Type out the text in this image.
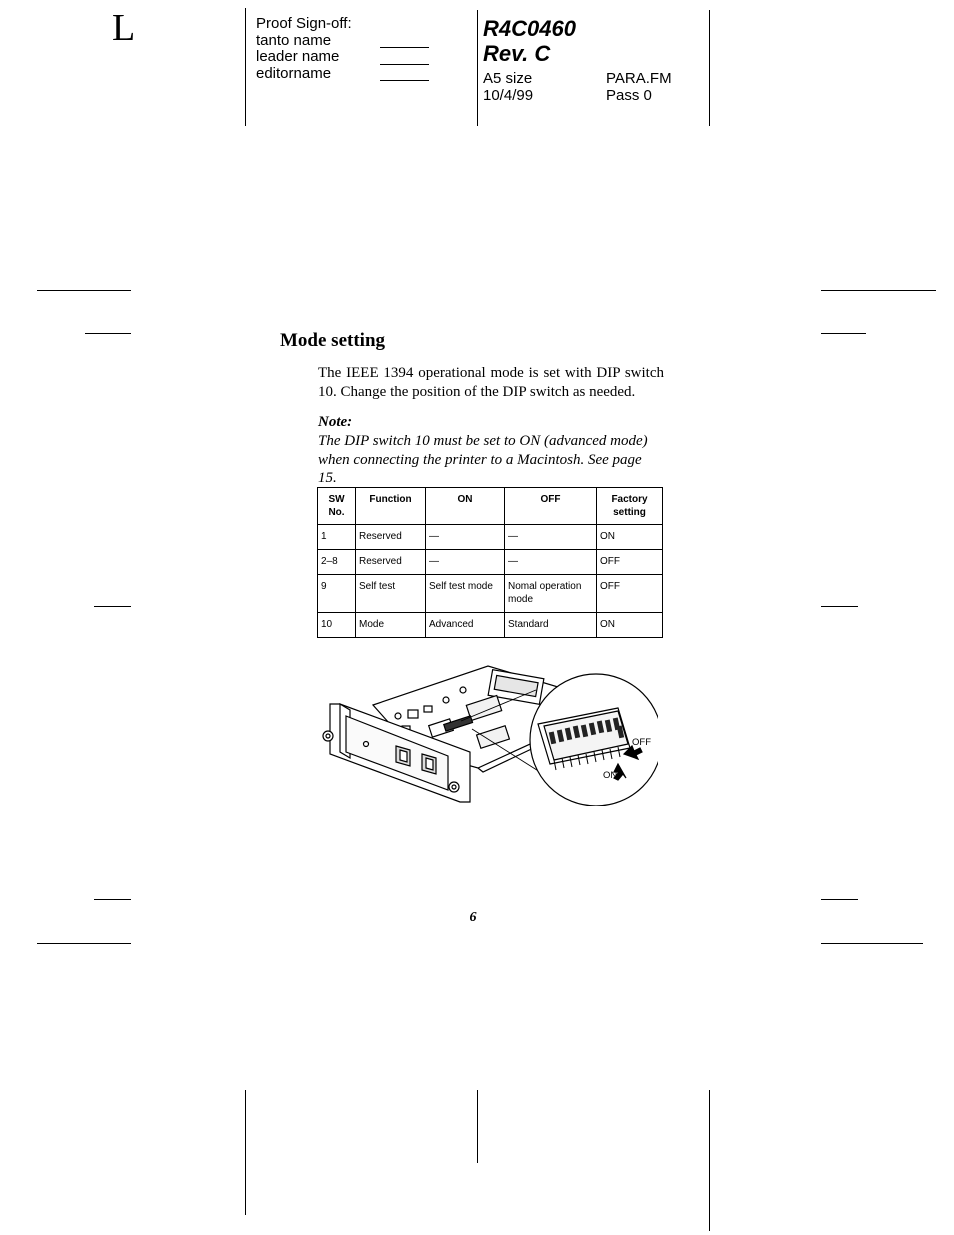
L	Proof Sign-off:
tanto name
leader name
editorname
R4C0460
Rev. C
A5 size	PARA.FM
10/4/99	Pass 0
Mode setting
The IEEE 1394 operational mode is set with DIP switch 10. Change the position of the DIP switch as needed.
Note:
The DIP switch 10 must be set to ON (advanced mode) when connecting the printer to a Macintosh. See page 15.
SW No.	Function	ON	OFF	Factory setting
1	Reserved	—	—	ON
2–8	Reserved	—	—	OFF
9	Self test	Self test mode	Nomal operation mode	OFF
10	Mode	Advanced	Standard	ON
OFF
ON
6
